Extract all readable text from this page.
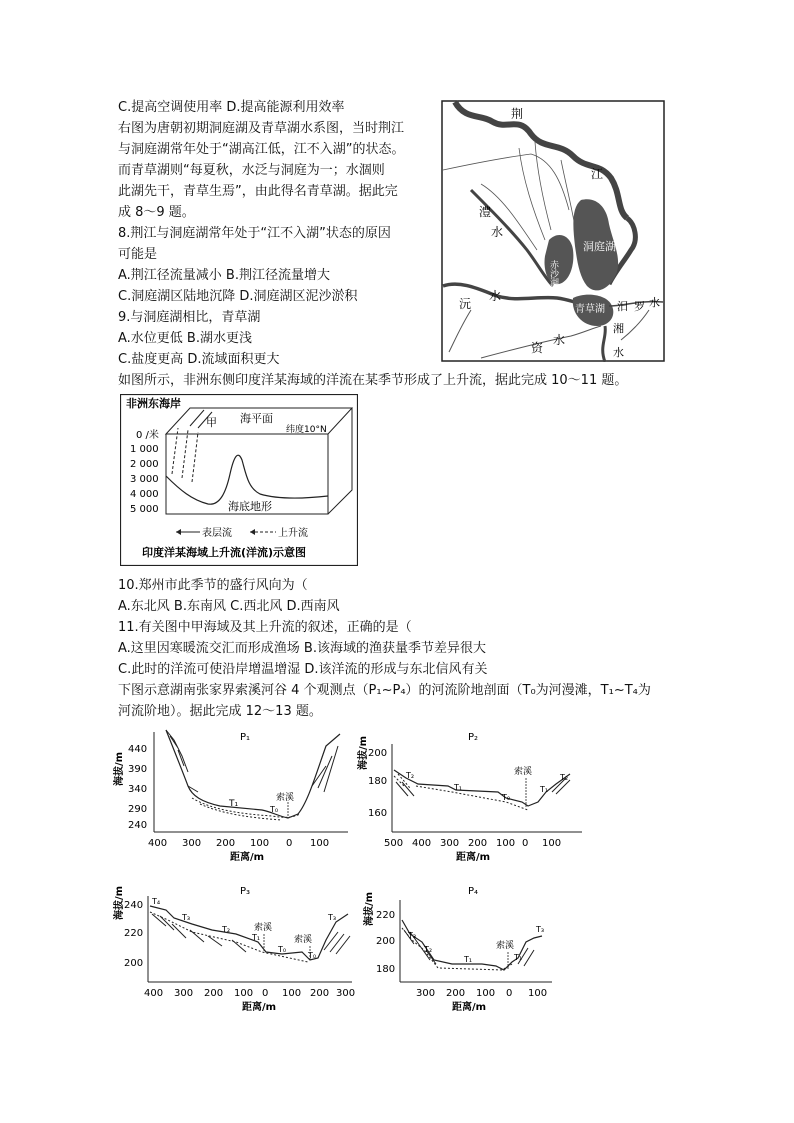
C.提高空调使用率 D.提高能源利用效率
右图为唐朝初期洞庭湖及青草湖水系图，当时荆江
与洞庭湖常年处于“湖高江低，江不入湖”的状态。
而青草湖则“每夏秋，水泛与洞庭为一；水涸则
此湖先干，青草生焉”，由此得名青草湖。据此完
成 8～9 题。
8.荆江与洞庭湖常年处于“江不入湖”状态的原因
可能是
A.荆江径流量减小 B.荆江径流量增大
C.洞庭湖区陆地沉降 D.洞庭湖区泥沙淤积
9.与洞庭湖相比，青草湖
A.水位更低 B.湖水更浅
C.盐度更高 D.流域面积更大
如图所示，非洲东侧印度洋某海域的洋流在某季节形成了上升流，据此完成 10～11 题。
荆
江
澧
水
赤沙湖
洞庭湖
沅
水
青草湖 汨罗
水
湘
水
资
水
非洲东海岸
甲 海平面
纬度10°N
0 /米
1 000
2 000
3 000
4 000
5 000	海底地形
表层流	上升流
印度洋某海域上升流(洋流)示意图
10.郑州市此季节的盛行风向为（
A.东北风 B.东南风 C.西北风 D.西南风
11.有关图中甲海域及其上升流的叙述，正确的是（
A.这里因寒暖流交汇而形成渔场 B.该海域的渔获量季节差异很大
C.此时的洋流可使沿岸增温增湿 D.该洋流的形成与东北信风有关
下图示意湖南张家界索溪河谷 4 个观测点（P₁~P₄）的河流阶地剖面（T₀为河漫滩，T₁~T₄为
河流阶地）。据此完成 12～13 题。
P₁
海拔/m
440
390
340
290
240
T₁
T₀
索溪
400 300 200 100 0 100
距离/m
P₂
海拔/m 200
180
160
T₂
T₁
T₀
T₁
T₂
索溪
500 400 300 200 100 0 100
距离/m
P₃
海拔/m 240
220
200
T₄
T₃
T₂
T₁
T₀
T₀
T₃
索溪
索溪
400 300 200 100 0 100 200 300
距离/m
P₄
海拔/m 220
200
180
T₃
T₂
T₁	T₁
T₃
索溪
300 200 100 0 100
距离/m
